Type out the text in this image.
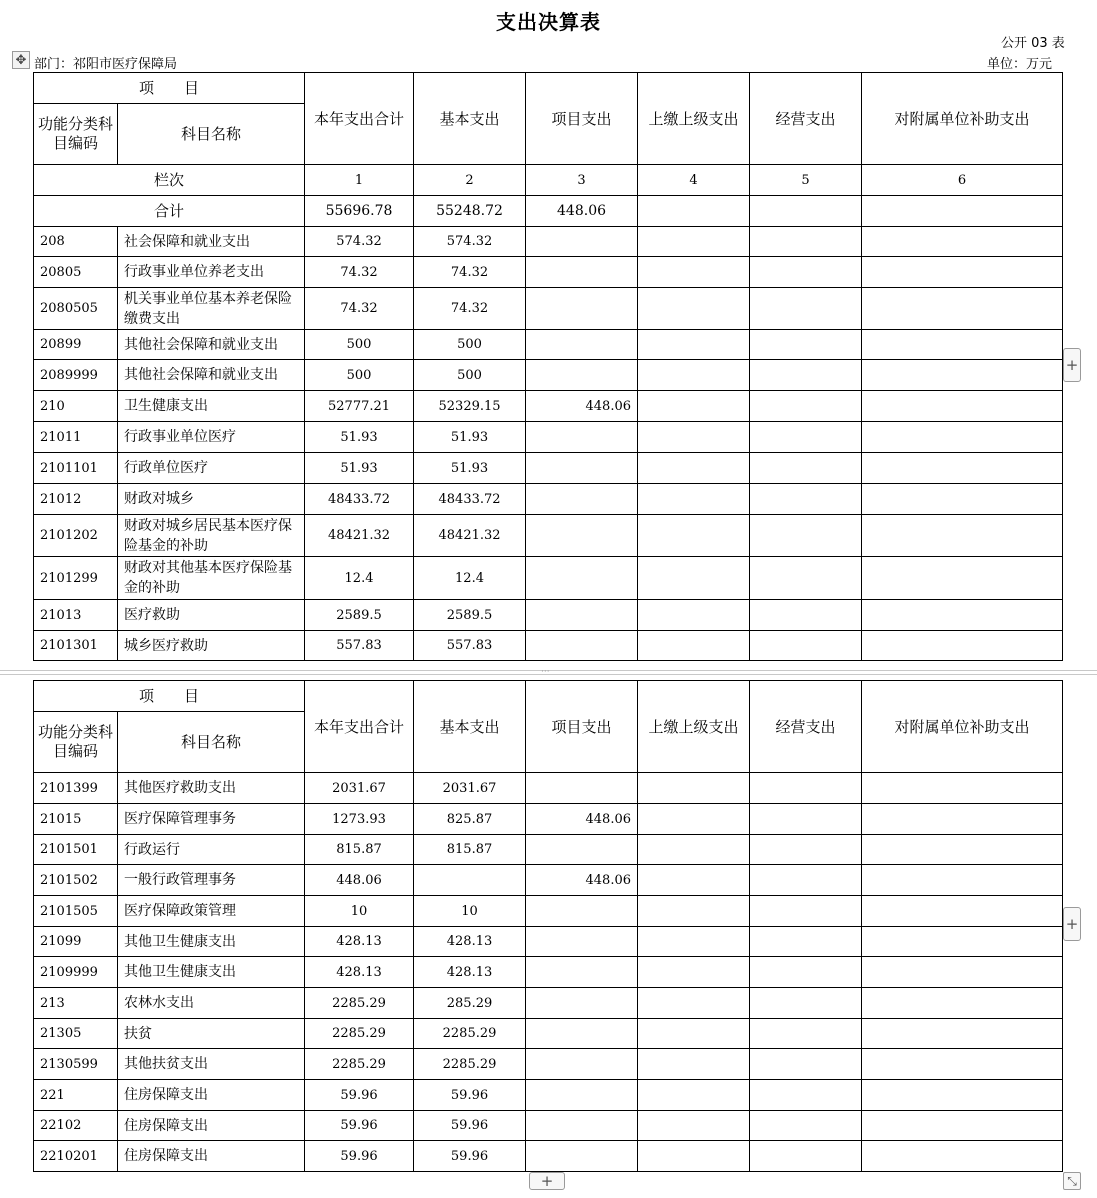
支出决算表
公开 03 表
✥ 部门：祁阳市医疗保障局	单位：万元
项　　目		本年支出合计	基本支出	项目支出	上缴上级支出	经营支出	对附属单位补助支出
功能分类科目编码	科目名称						
栏次		1	2	3	4	5	6
合计		55696.78	55248.72	448.06			
208	社会保障和就业支出	574.32	574.32				
20805	行政事业单位养老支出	74.32	74.32				
2080505	机关事业单位基本养老保险缴费支出	74.32	74.32				
20899	其他社会保障和就业支出	500	500				
2089999	其他社会保障和就业支出	500	500				
210	卫生健康支出	52777.21	52329.15	448.06			
21011	行政事业单位医疗	51.93	51.93				
2101101	行政单位医疗	51.93	51.93				
21012	财政对城乡	48433.72	48433.72				
2101202	财政对城乡居民基本医疗保险基金的补助	48421.32	48421.32				
2101299	财政对其他基本医疗保险基金的补助	12.4	12.4				
21013	医疗救助	2589.5	2589.5				
2101301	城乡医疗救助	557.83	557.83				
···
项　　目		本年支出合计	基本支出	项目支出	上缴上级支出	经营支出	对附属单位补助支出
功能分类科目编码	科目名称						
2101399	其他医疗救助支出	2031.67	2031.67				
21015	医疗保障管理事务	1273.93	825.87	448.06			
2101501	行政运行	815.87	815.87				
2101502	一般行政管理事务	448.06		448.06			
2101505	医疗保障政策管理	10	10				
21099	其他卫生健康支出	428.13	428.13				
2109999	其他卫生健康支出	428.13	428.13				
213	农林水支出	2285.29	285.29				
21305	扶贫	2285.29	2285.29				
2130599	其他扶贫支出	2285.29	2285.29				
221	住房保障支出	59.96	59.96				
22102	住房保障支出	59.96	59.96				
2210201	住房保障支出	59.96	59.96				
+
+
+	⤡
